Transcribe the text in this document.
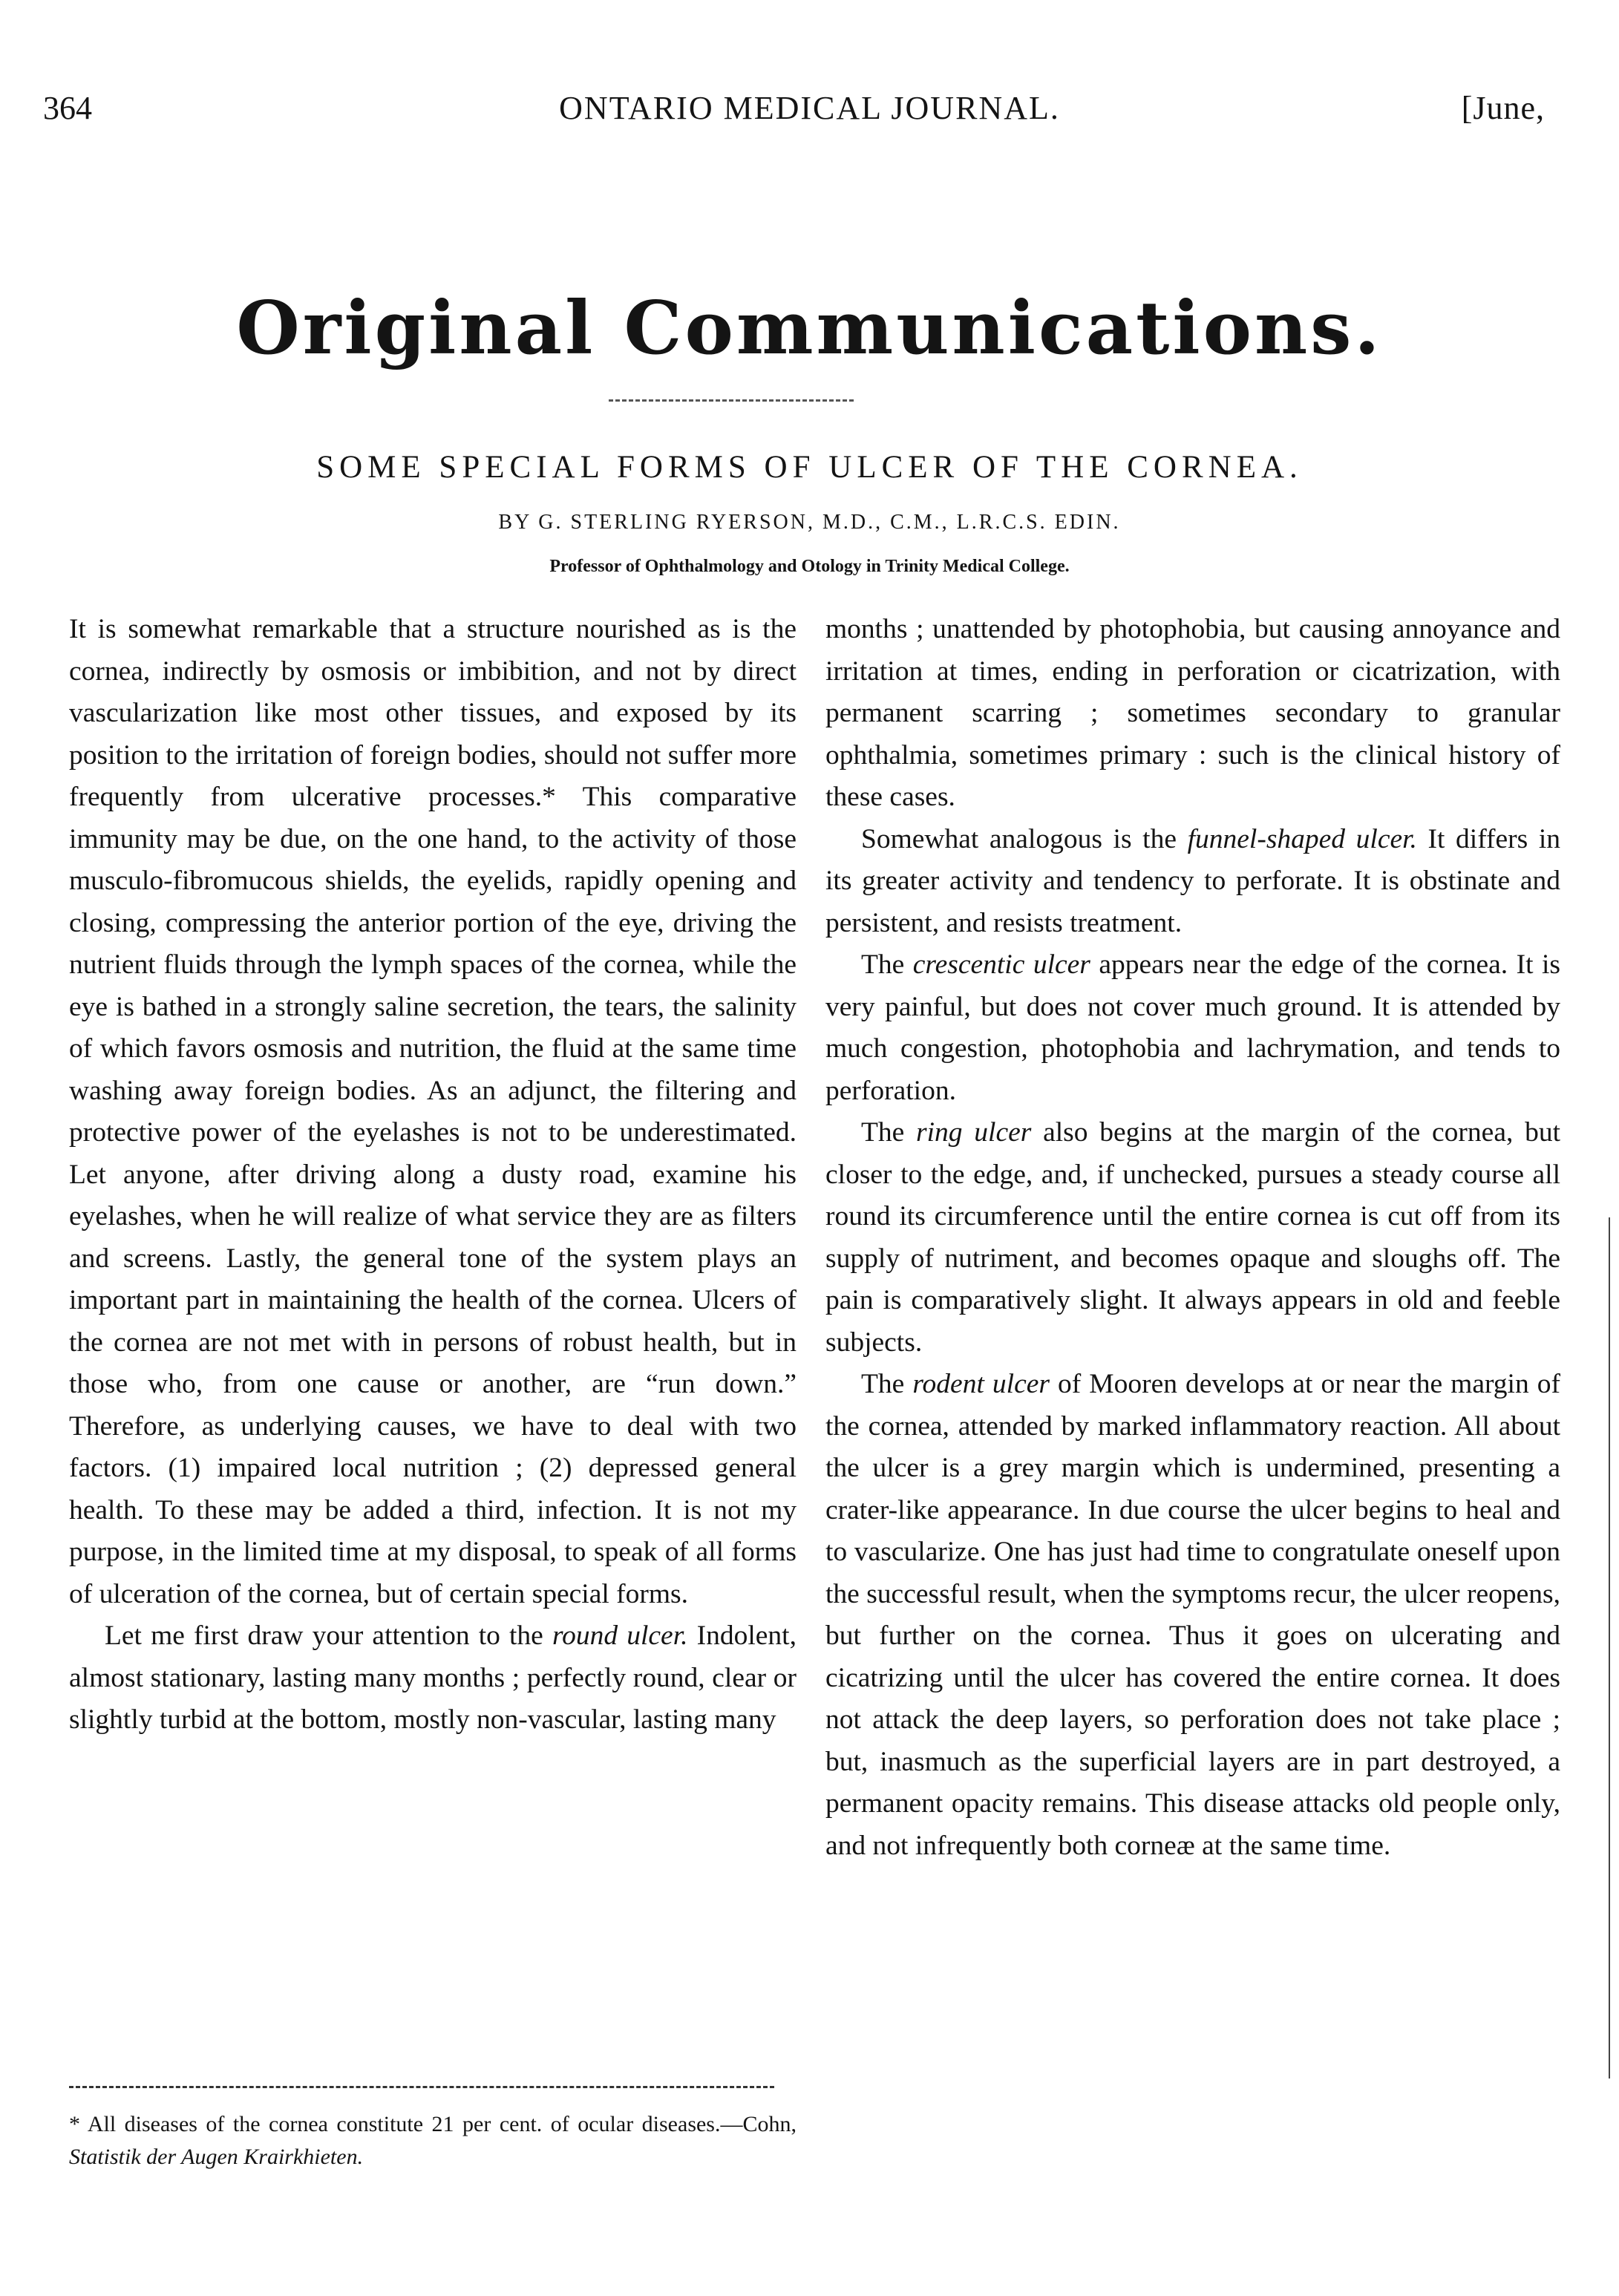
364	ONTARIO MEDICAL JOURNAL.	[June,
Original Communications.
SOME SPECIAL FORMS OF ULCER OF THE CORNEA.
BY G. STERLING RYERSON, M.D., C.M., L.R.C.S. EDIN.
Professor of Ophthalmology and Otology in Trinity Medical College.

It is somewhat remarkable that a structure nourished as is the cornea, indirectly by osmosis or imbibition, and not by direct vascularization like most other tissues, and exposed by its position to the irritation of foreign bodies, should not suffer more frequently from ulcerative processes.* This comparative immunity may be due, on the one hand, to the activity of those musculo-fibromucous shields, the eyelids, rapidly opening and closing, compressing the anterior portion of the eye, driving the nutrient fluids through the lymph spaces of the cornea, while the eye is bathed in a strongly saline secretion, the tears, the salinity of which favors osmosis and nutrition, the fluid at the same time washing away foreign bodies. As an adjunct, the filtering and protective power of the eyelashes is not to be underestimated. Let anyone, after driving along a dusty road, examine his eyelashes, when he will realize of what service they are as filters and screens. Lastly, the general tone of the system plays an important part in maintaining the health of the cornea. Ulcers of the cornea are not met with in persons of robust health, but in those who, from one cause or another, are “run down.” Therefore, as underlying causes, we have to deal with two factors. (1) impaired local nutrition ; (2) depressed general health. To these may be added a third, infection. It is not my purpose, in the limited time at my disposal, to speak of all forms of ulceration of the cornea, but of certain special forms.

Let me first draw your attention to the round ulcer. Indolent, almost stationary, lasting many months ; perfectly round, clear or slightly turbid at the bottom, mostly non-vascular, lasting many

months ; unattended by photophobia, but causing annoyance and irritation at times, ending in perforation or cicatrization, with permanent scarring ; sometimes secondary to granular ophthalmia, sometimes primary : such is the clinical history of these cases.

Somewhat analogous is the funnel-shaped ulcer. It differs in its greater activity and tendency to perforate. It is obstinate and persistent, and resists treatment.

The crescentic ulcer appears near the edge of the cornea. It is very painful, but does not cover much ground. It is attended by much congestion, photophobia and lachrymation, and tends to perforation.

The ring ulcer also begins at the margin of the cornea, but closer to the edge, and, if unchecked, pursues a steady course all round its circumference until the entire cornea is cut off from its supply of nutriment, and becomes opaque and sloughs off. The pain is comparatively slight. It always appears in old and feeble subjects.

The rodent ulcer of Mooren develops at or near the margin of the cornea, attended by marked inflammatory reaction. All about the ulcer is a grey margin which is undermined, presenting a crater-like appearance. In due course the ulcer begins to heal and to vascularize. One has just had time to congratulate oneself upon the successful result, when the symptoms recur, the ulcer reopens, but further on the cornea. Thus it goes on ulcerating and cicatrizing until the ulcer has covered the entire cornea. It does not attack the deep layers, so perforation does not take place ; but, inasmuch as the superficial layers are in part destroyed, a permanent opacity remains. This disease attacks old people only, and not infrequently both corneæ at the same time.

* All diseases of the cornea constitute 21 per cent. of ocular diseases.—Cohn, Statistik der Augen Krairkhieten.
